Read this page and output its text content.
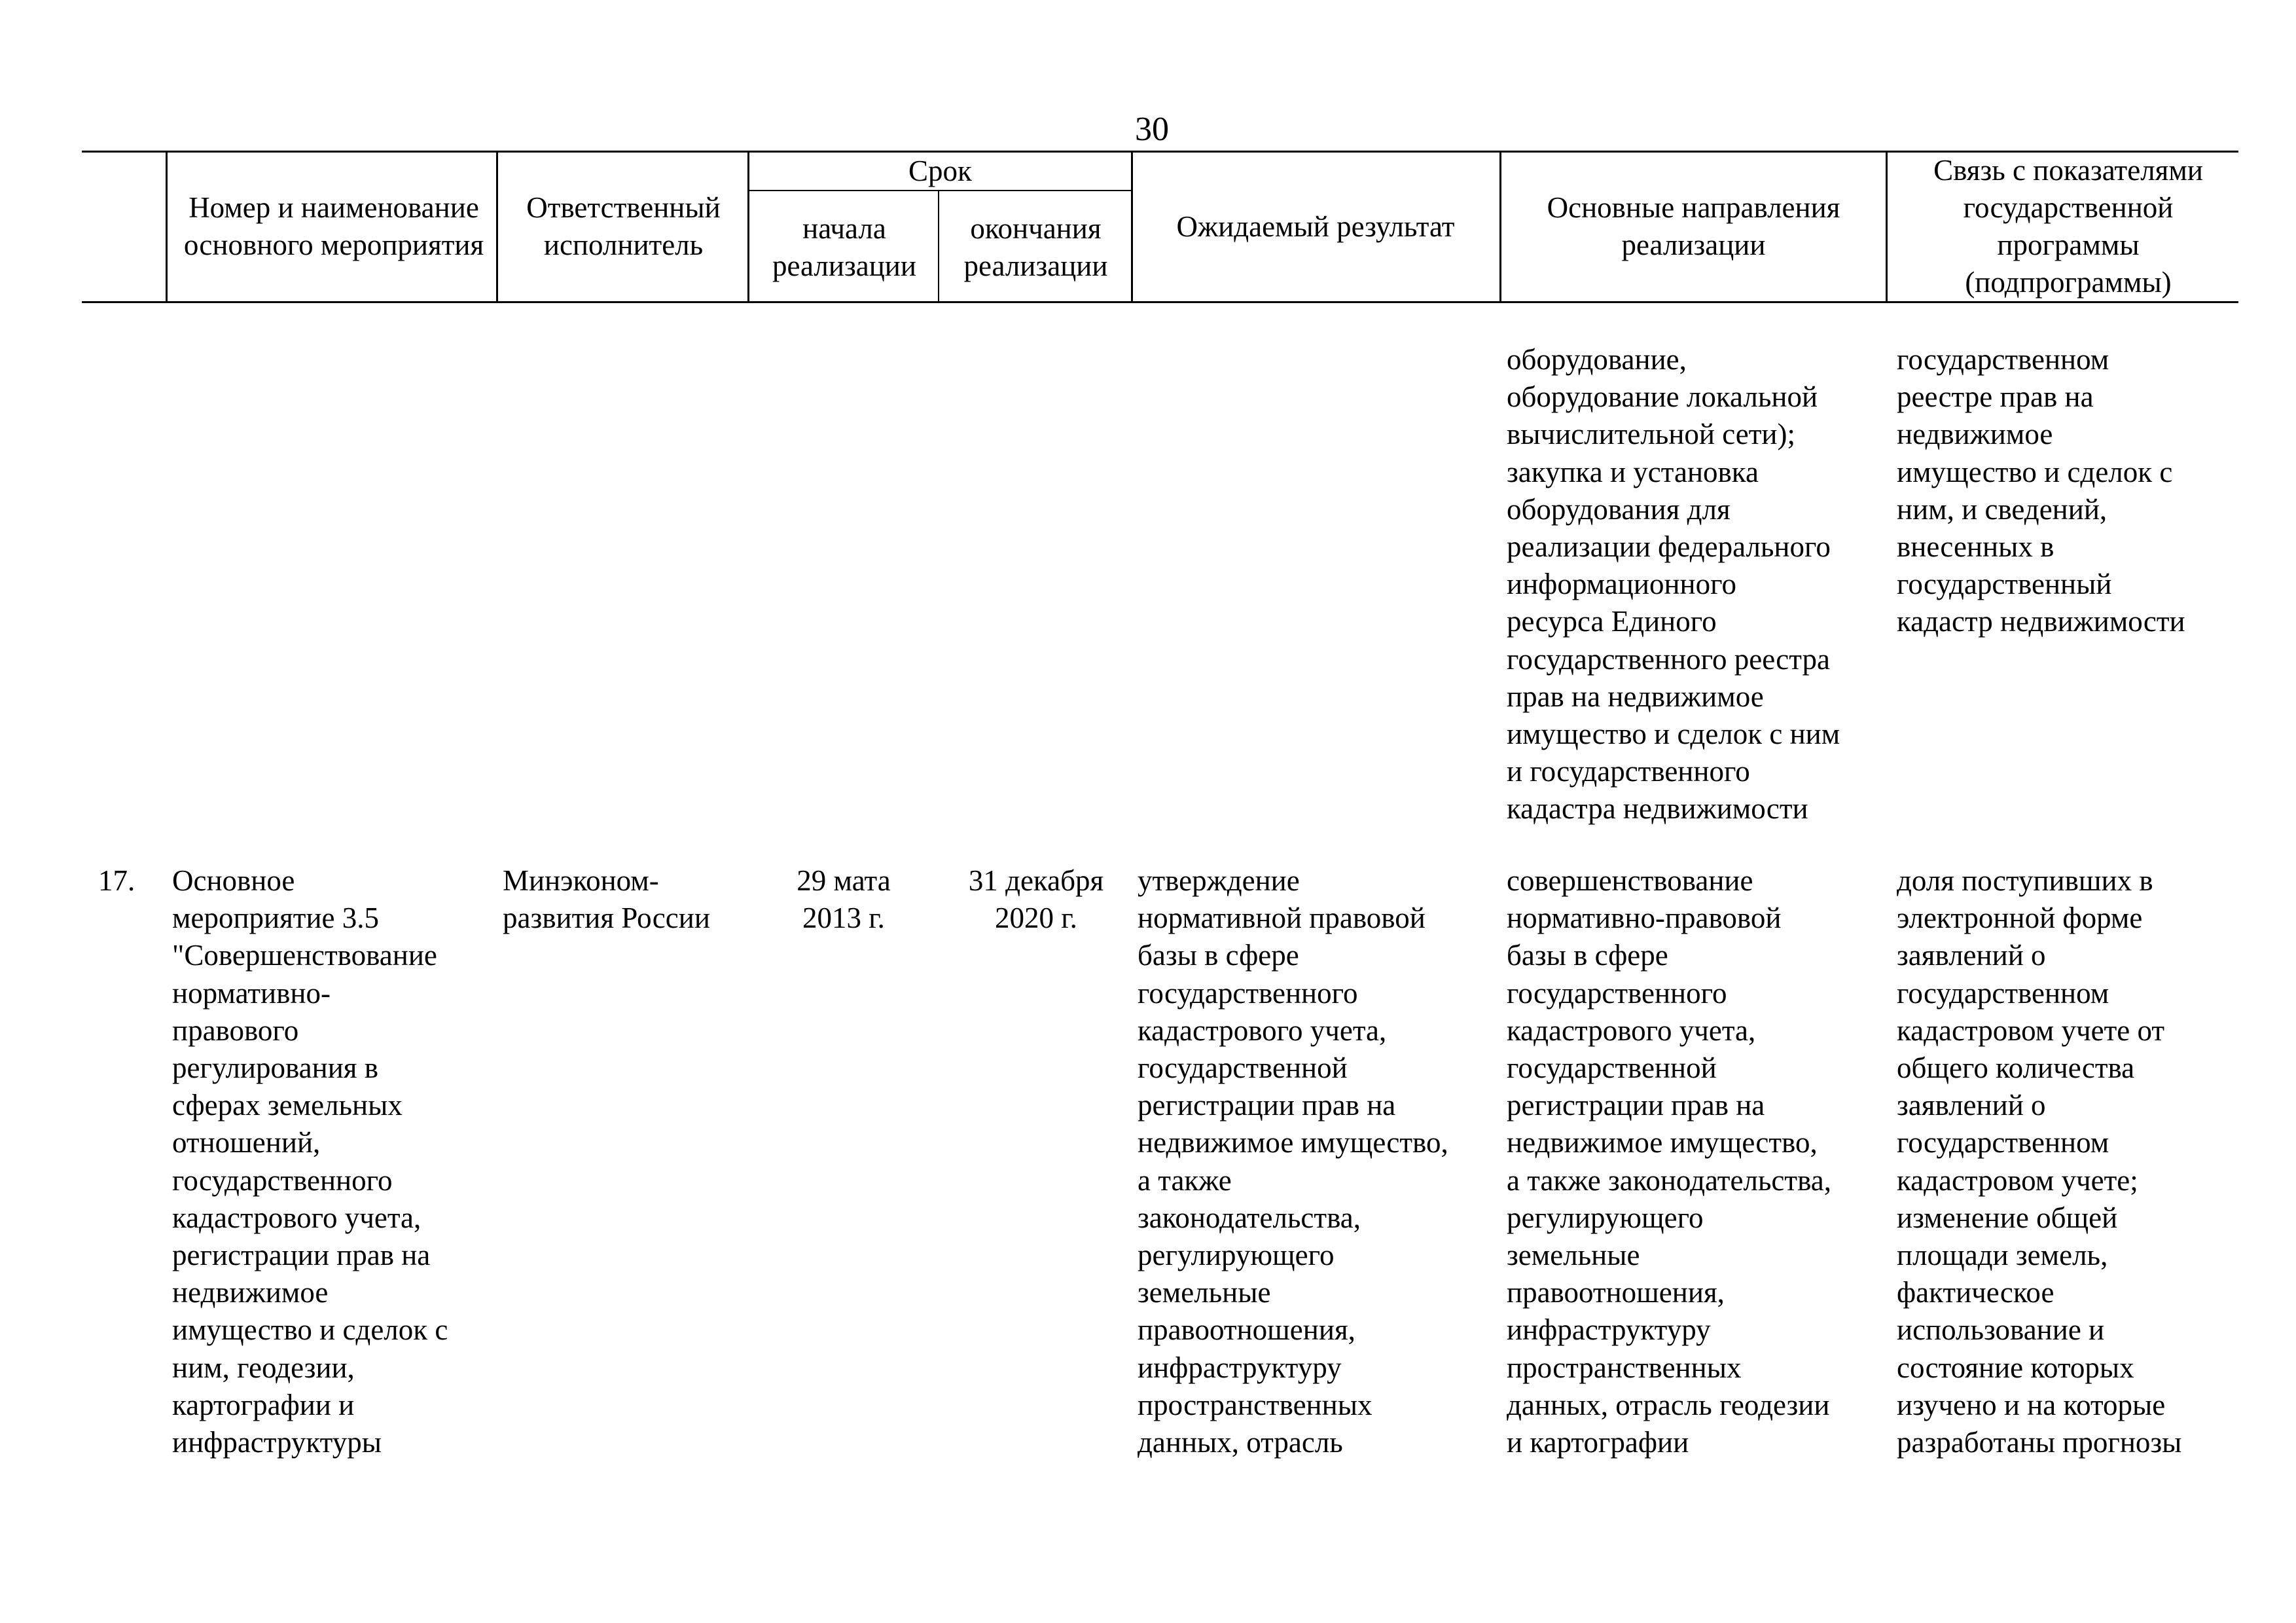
30
Номер и наименование основного мероприятия
Ответственный исполнитель
Срок
начала реализации
окончания реализации
Ожидаемый результат
Основные направления реализации
Связь с показателями государственной программы (подпрограммы)
оборудование,
оборудование локальной
вычислительной сети);
закупка и установка
оборудования для
реализации федерального
информационного
ресурса Единого
государственного реестра
прав на недвижимое
имущество и сделок с ним
и государственного
кадастра недвижимости
государственном
реестре прав на
недвижимое
имущество и сделок с
ним, и сведений,
внесенных в
государственный
кадастр недвижимости
17.	Основное
мероприятие 3.5
"Совершенствование
нормативно-
правового
регулирования в
сферах земельных
отношений,
государственного
кадастрового учета,
регистрации прав на
недвижимое
имущество и сделок с
ним, геодезии,
картографии и
инфраструктуры
Минэконом-
развития России
29 мата
2013 г.
31 декабря
2020 г.
утверждение
нормативной правовой
базы в сфере
государственного
кадастрового учета,
государственной
регистрации прав на
недвижимое имущество,
а также
законодательства,
регулирующего
земельные
правоотношения,
инфраструктуру
пространственных
данных, отрасль
совершенствование
нормативно-правовой
базы в сфере
государственного
кадастрового учета,
государственной
регистрации прав на
недвижимое имущество,
а также законодательства,
регулирующего
земельные
правоотношения,
инфраструктуру
пространственных
данных, отрасль геодезии
и картографии
доля поступивших в
электронной форме
заявлений о
государственном
кадастровом учете от
общего количества
заявлений о
государственном
кадастровом учете;
изменение общей
площади земель,
фактическое
использование и
состояние которых
изучено и на которые
разработаны прогнозы
